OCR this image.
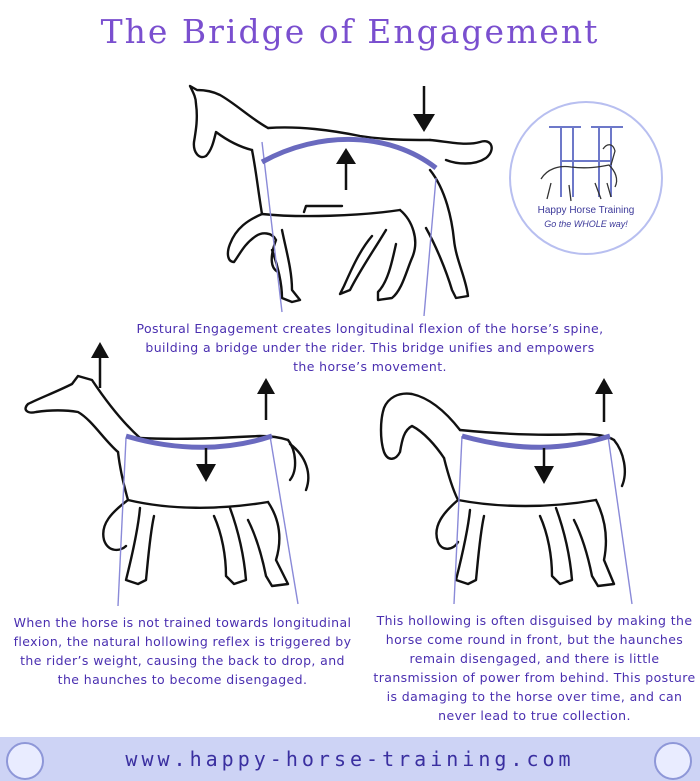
The Bridge of Engagement
Happy Horse Training
Go the WHOLE way!
Postural Engagement creates longitudinal flexion of the horse’s spine, building a bridge under the rider. This bridge unifies and empowers the horse’s movement.
When the horse is not trained towards longitudinal flexion, the natural hollowing reflex is triggered by the rider’s weight, causing the back to drop, and the haunches to become disengaged.
This hollowing is often disguised by making the horse come round in front, but the haunches remain disengaged, and there is little transmission of power from behind. This posture is damaging to the horse over time, and can never lead to true collection.
www.happy-horse-training.com
